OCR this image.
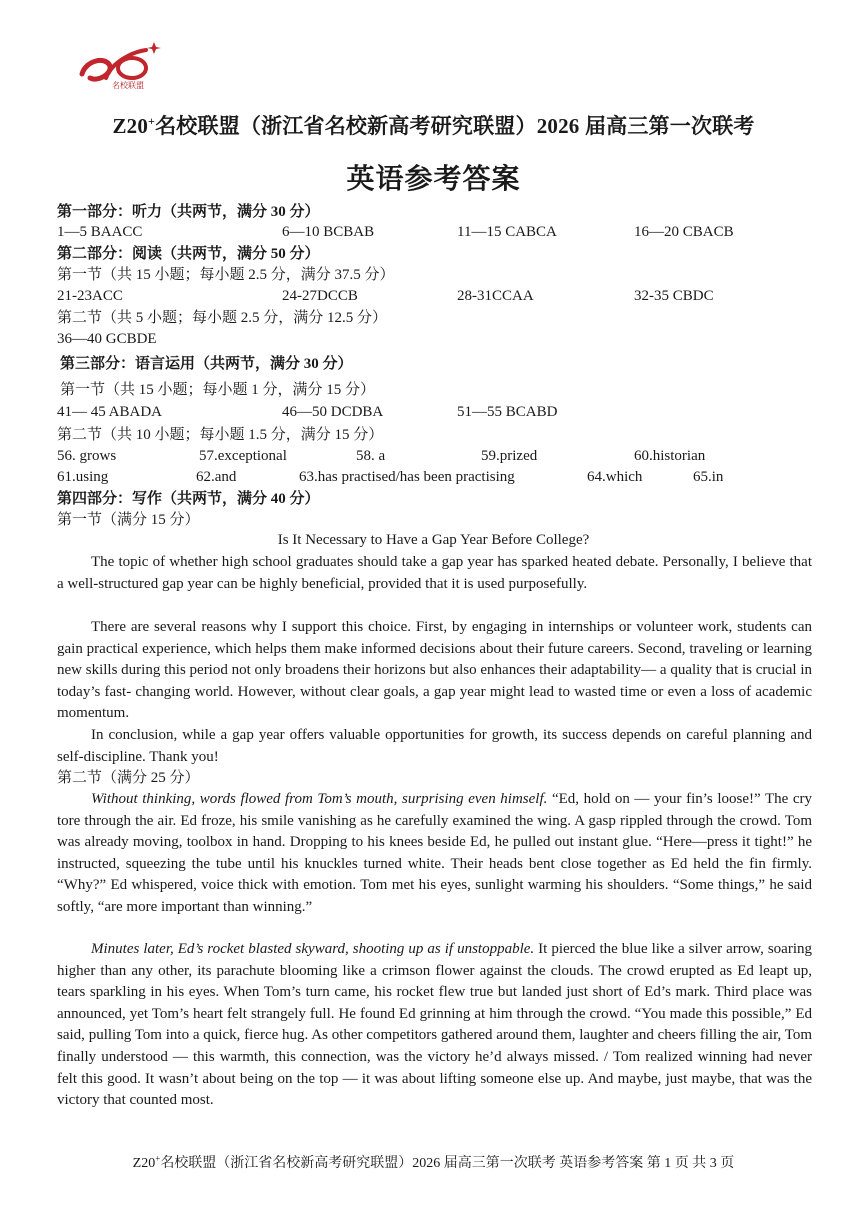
名校联盟
Z20+名校联盟（浙江省名校新高考研究联盟）2026 届高三第一次联考
英语参考答案
第一部分：听力（共两节，满分 30 分）
1—5 BAACC	6—10 BCBAB	11—15 CABCA	16—20 CBACB
第二部分：阅读（共两节，满分 50 分）
第一节（共 15 小题；每小题 2.5 分，满分 37.5 分）
21-23ACC	24-27DCCB	28-31CCAA	32-35 CBDC
第二节（共 5 小题；每小题 2.5 分，满分 12.5 分）
36—40 GCBDE
第三部分：语言运用（共两节，满分 30 分）
第一节（共 15 小题；每小题 1 分，满分 15 分）
41— 45 ABADA	46—50 DCDBA	51—55 BCABD
第二节（共 10 小题；每小题 1.5 分，满分 15 分）
56. grows	57.exceptional	58. a	59.prized	60.historian
61.using	62.and	63.has practised/has been practising	64.which	65.in
第四部分：写作（共两节，满分 40 分）
第一节（满分 15 分）
Is It Necessary to Have a Gap Year Before College?

The topic of whether high school graduates should take a gap year has sparked heated debate. Personally, I believe that a well-structured gap year can be highly beneficial, provided that it is used purposefully.

There are several reasons why I support this choice. First, by engaging in internships or volunteer work, students can gain practical experience, which helps them make informed decisions about their future careers. Second, traveling or learning new skills during this period not only broadens their horizons but also enhances their adaptability— a quality that is crucial in today’s fast- changing world. However, without clear goals, a gap year might lead to wasted time or even a loss of academic momentum.

In conclusion, while a gap year offers valuable opportunities for growth, its success depends on careful planning and self-discipline. Thank you!

第二节（满分 25 分）

Without thinking, words flowed from Tom’s mouth, surprising even himself. “Ed, hold on — your fin’s loose!” The cry tore through the air. Ed froze, his smile vanishing as he carefully examined the wing. A gasp rippled through the crowd. Tom was already moving, toolbox in hand. Dropping to his knees beside Ed, he pulled out instant glue. “Here—press it tight!” he instructed, squeezing the tube until his knuckles turned white. Their heads bent close together as Ed held the fin firmly. “Why?” Ed whispered, voice thick with emotion. Tom met his eyes, sunlight warming his shoulders. “Some things,” he said softly, “are more important than winning.”

Minutes later, Ed’s rocket blasted skyward, shooting up as if unstoppable. It pierced the blue like a silver arrow, soaring higher than any other, its parachute blooming like a crimson flower against the clouds. The crowd erupted as Ed leapt up, tears sparkling in his eyes. When Tom’s turn came, his rocket flew true but landed just short of Ed’s mark. Third place was announced, yet Tom’s heart felt strangely full. He found Ed grinning at him through the crowd. “You made this possible,” Ed said, pulling Tom into a quick, fierce hug. As other competitors gathered around them, laughter and cheers filling the air, Tom finally understood — this warmth, this connection, was the victory he’d always missed. / Tom realized winning had never felt this good. It wasn’t about being on the top — it was about lifting someone else up. And maybe, just maybe, that was the victory that counted most.

Z20+名校联盟（浙江省名校新高考研究联盟）2026 届高三第一次联考 英语参考答案 第 1 页 共 3 页
